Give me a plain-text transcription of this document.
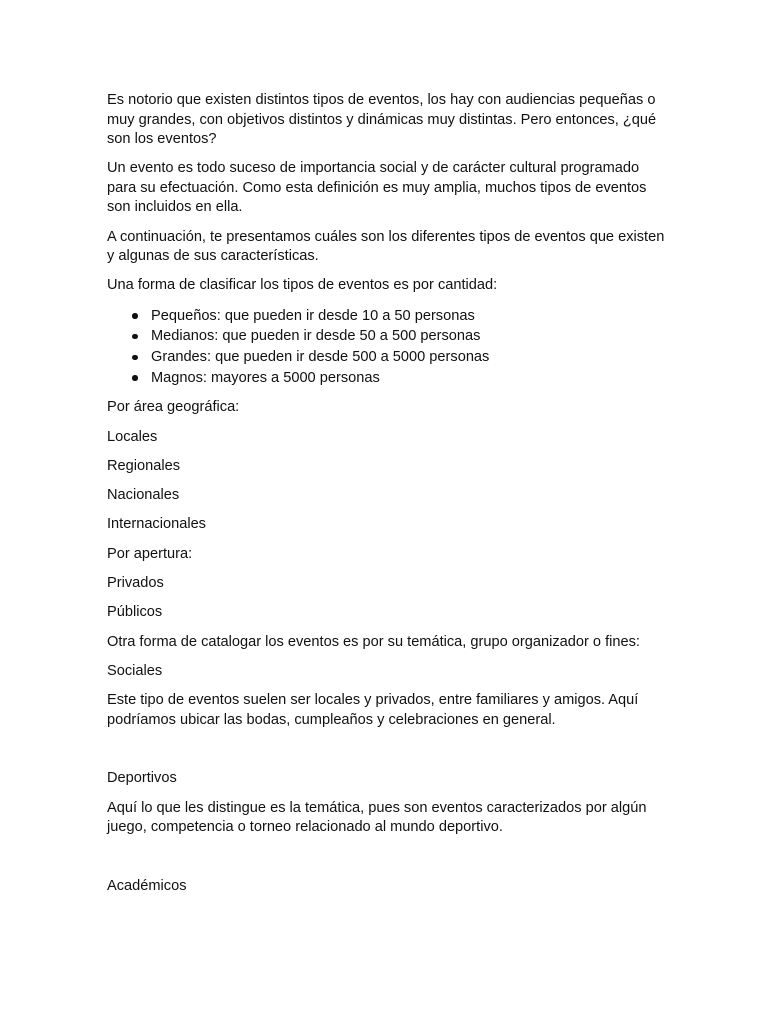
Es notorio que existen distintos tipos de eventos, los hay con audiencias pequeñas o muy grandes, con objetivos distintos y dinámicas muy distintas. Pero entonces, ¿qué son los eventos?

Un evento es todo suceso de importancia social y de carácter cultural programado para su efectuación. Como esta definición es muy amplia, muchos tipos de eventos son incluidos en ella.

A continuación, te presentamos cuáles son los diferentes tipos de eventos que existen y algunas de sus características.

Una forma de clasificar los tipos de eventos es por cantidad:

Pequeños: que pueden ir desde 10 a 50 personas
Medianos: que pueden ir desde 50 a 500 personas
Grandes: que pueden ir desde 500 a 5000 personas
Magnos: mayores a 5000 personas

Por área geográfica:

Locales

Regionales

Nacionales

Internacionales

Por apertura:

Privados

Públicos

Otra forma de catalogar los eventos es por su temática, grupo organizador o fines:

Sociales

Este tipo de eventos suelen ser locales y privados, entre familiares y amigos. Aquí podríamos ubicar las bodas, cumpleaños y celebraciones en general.

Deportivos

Aquí lo que les distingue es la temática, pues son eventos caracterizados por algún juego, competencia o torneo relacionado al mundo deportivo.

Académicos
